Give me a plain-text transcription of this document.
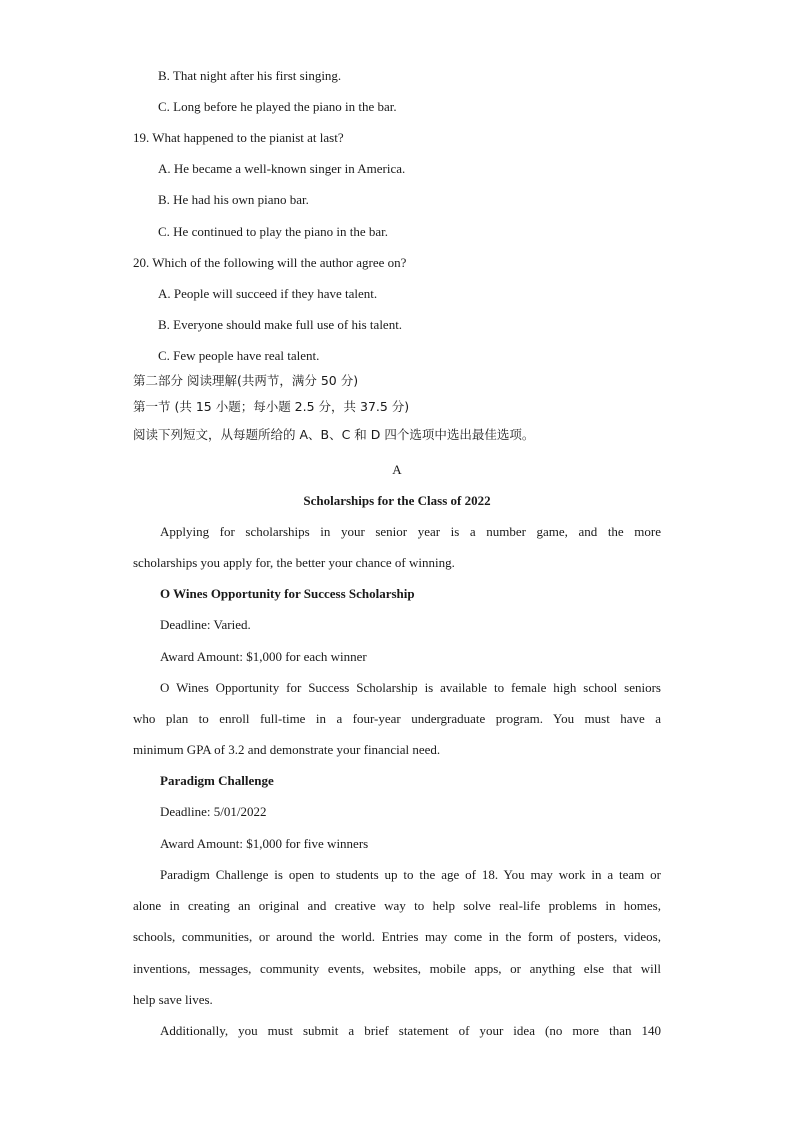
B. That night after his first singing.
C. Long before he played the piano in the bar.
19. What happened to the pianist at last?
A. He became a well-known singer in America.
B. He had his own piano bar.
C. He continued to play the piano in the bar.
20. Which of the following will the author agree on?
A. People will succeed if they have talent.
B. Everyone should make full use of his talent.
C. Few people have real talent.
第二部分 阅读理解(共两节，满分 50 分)
第一节 (共 15 小题；每小题 2.5 分，共 37.5 分)
阅读下列短文，从每题所给的 A、B、C 和 D 四个选项中选出最佳选项。
A
Scholarships for the Class of 2022
Applying for scholarships in your senior year is a number game, and the more
scholarships you apply for, the better your chance of winning.
O Wines Opportunity for Success Scholarship
Deadline: Varied.
Award Amount: $1,000 for each winner
O Wines Opportunity for Success Scholarship is available to female high school seniors
who plan to enroll full-time in a four-year undergraduate program. You must have a
minimum GPA of 3.2 and demonstrate your financial need.
Paradigm Challenge
Deadline: 5/01/2022
Award Amount: $1,000 for five winners
Paradigm Challenge is open to students up to the age of 18. You may work in a team or
alone in creating an original and creative way to help solve real-life problems in homes,
schools, communities, or around the world. Entries may come in the form of posters, videos,
inventions, messages, community events, websites, mobile apps, or anything else that will
help save lives.
Additionally, you must submit a brief statement of your idea (no more than 140
